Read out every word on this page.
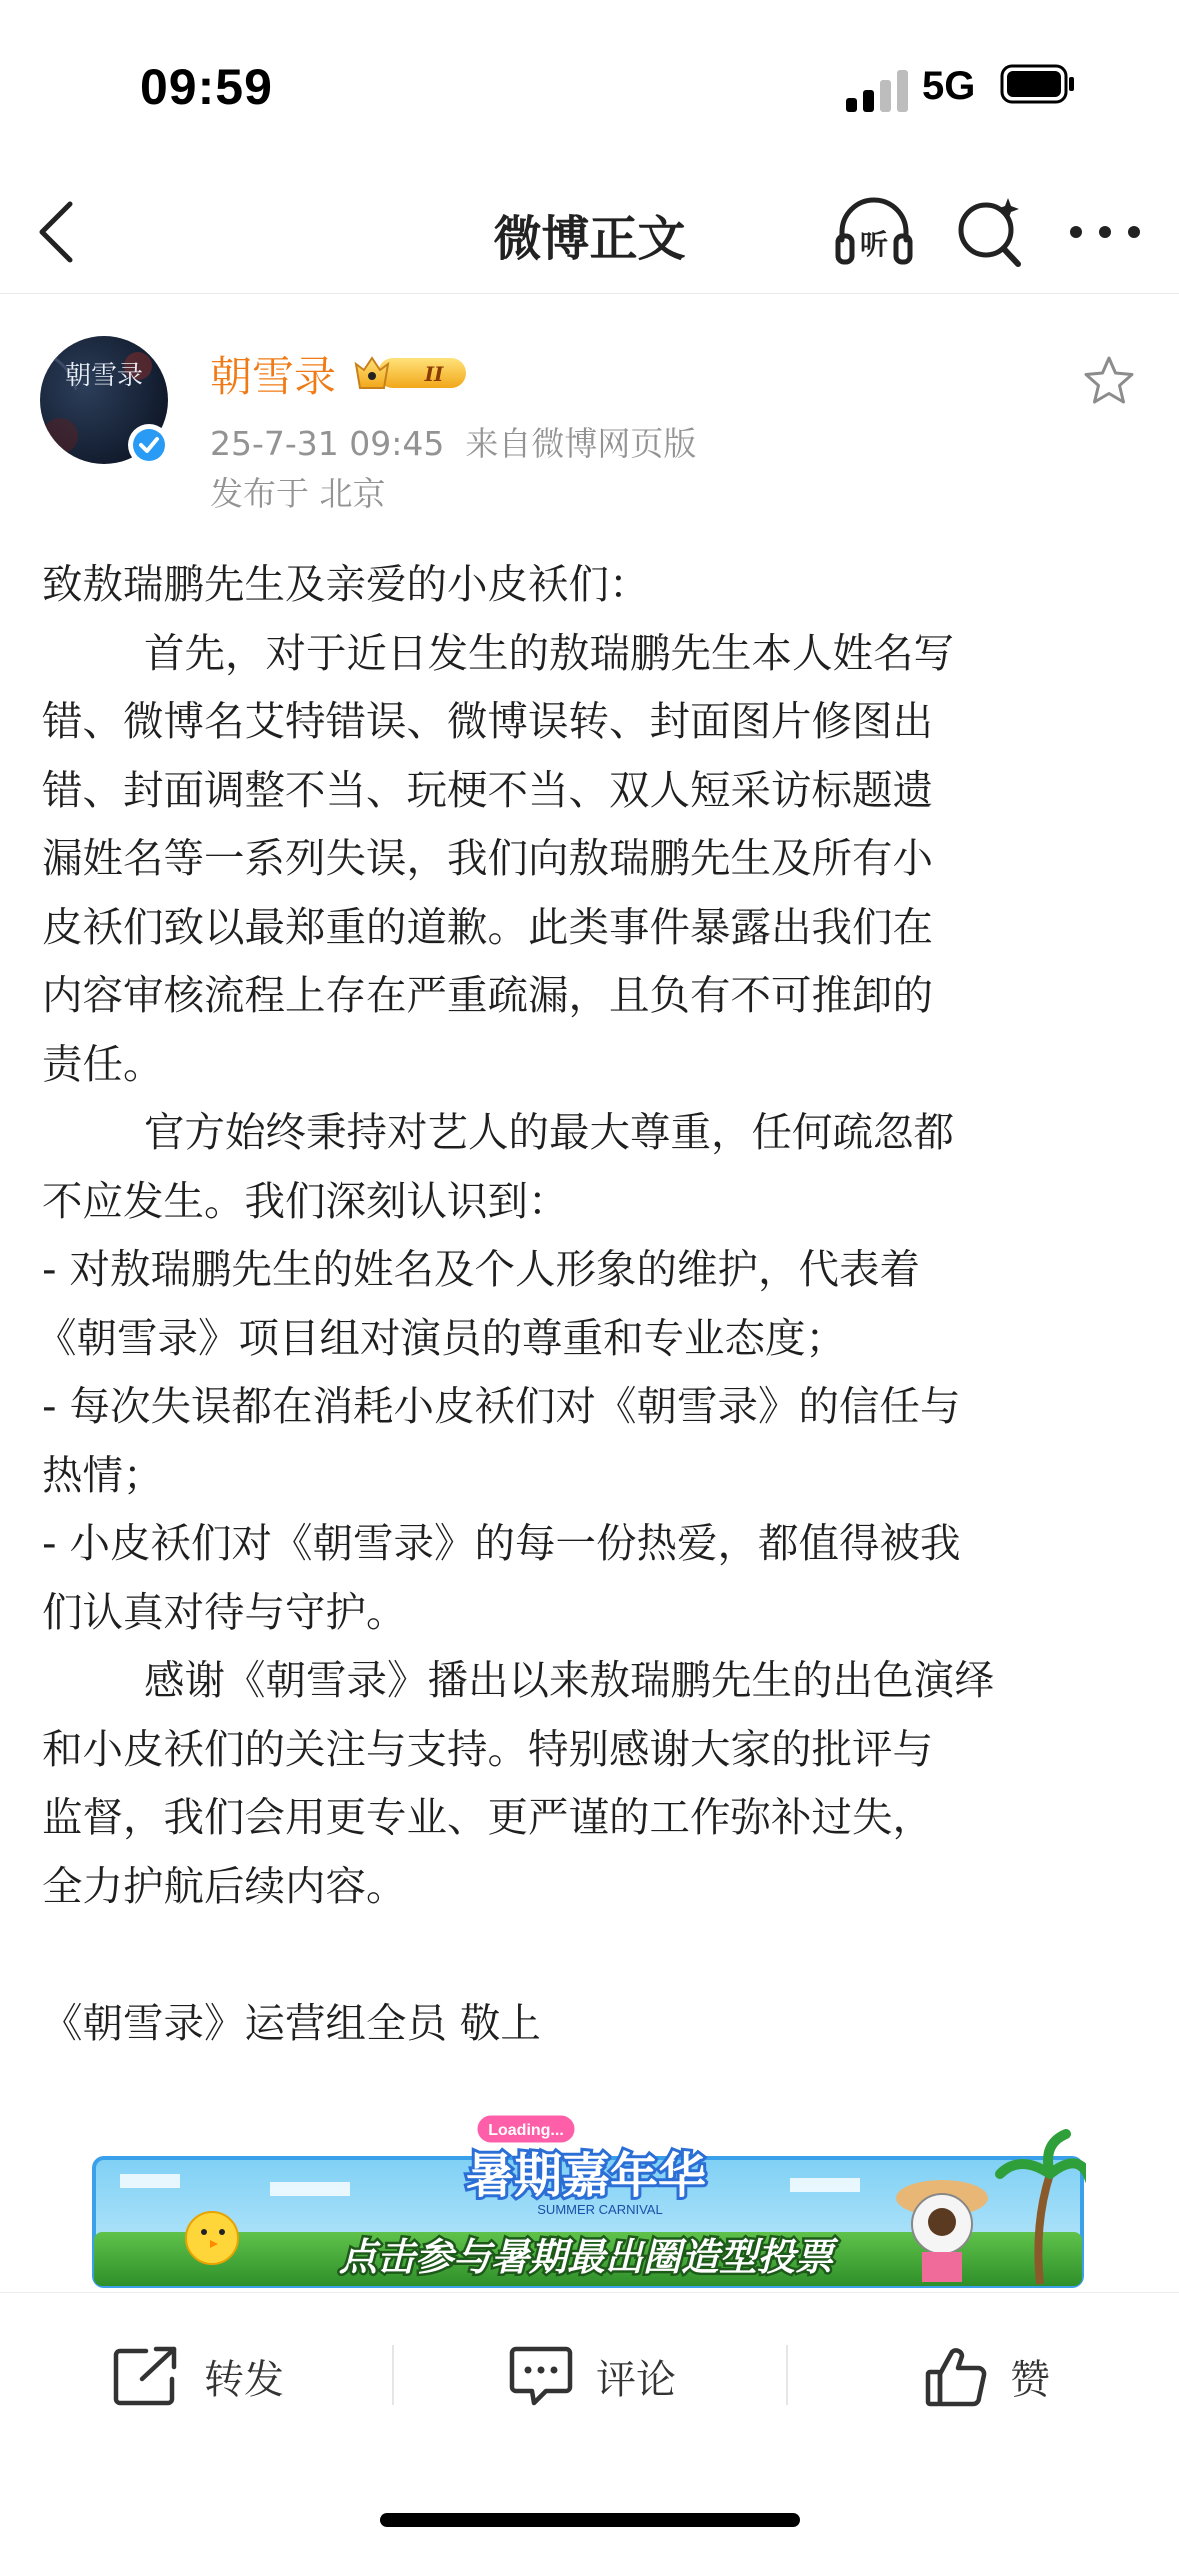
09:59	5G
微博正文	听
朝雪录 朝雪录	II
25-7-31 09:45  来自微博网页版
发布于 北京

致敖瑞鹏先生及亲爱的小皮袄们：

首先，对于近日发生的敖瑞鹏先生本人姓名写

错、微博名艾特错误、微博误转、封面图片修图出

错、封面调整不当、玩梗不当、双人短采访标题遗

漏姓名等一系列失误，我们向敖瑞鹏先生及所有小

皮袄们致以最郑重的道歉。此类事件暴露出我们在

内容审核流程上存在严重疏漏，且负有不可推卸的

责任。

官方始终秉持对艺人的最大尊重，任何疏忽都

不应发生。我们深刻认识到：

- 对敖瑞鹏先生的姓名及个人形象的维护，代表着

《朝雪录》项目组对演员的尊重和专业态度；

- 每次失误都在消耗小皮袄们对《朝雪录》的信任与

热情；

- 小皮袄们对《朝雪录》的每一份热爱，都值得被我

们认真对待与守护。

感谢《朝雪录》播出以来敖瑞鹏先生的出色演绎

和小皮袄们的关注与支持。特别感谢大家的批评与

监督，我们会用更专业、更严谨的工作弥补过失，

全力护航后续内容。

《朝雪录》运营组全员 敬上

Loading...
暑期嘉年华
SUMMER CARNIVAL
点击参与暑期最出圈造型投票
转发	评论	赞
